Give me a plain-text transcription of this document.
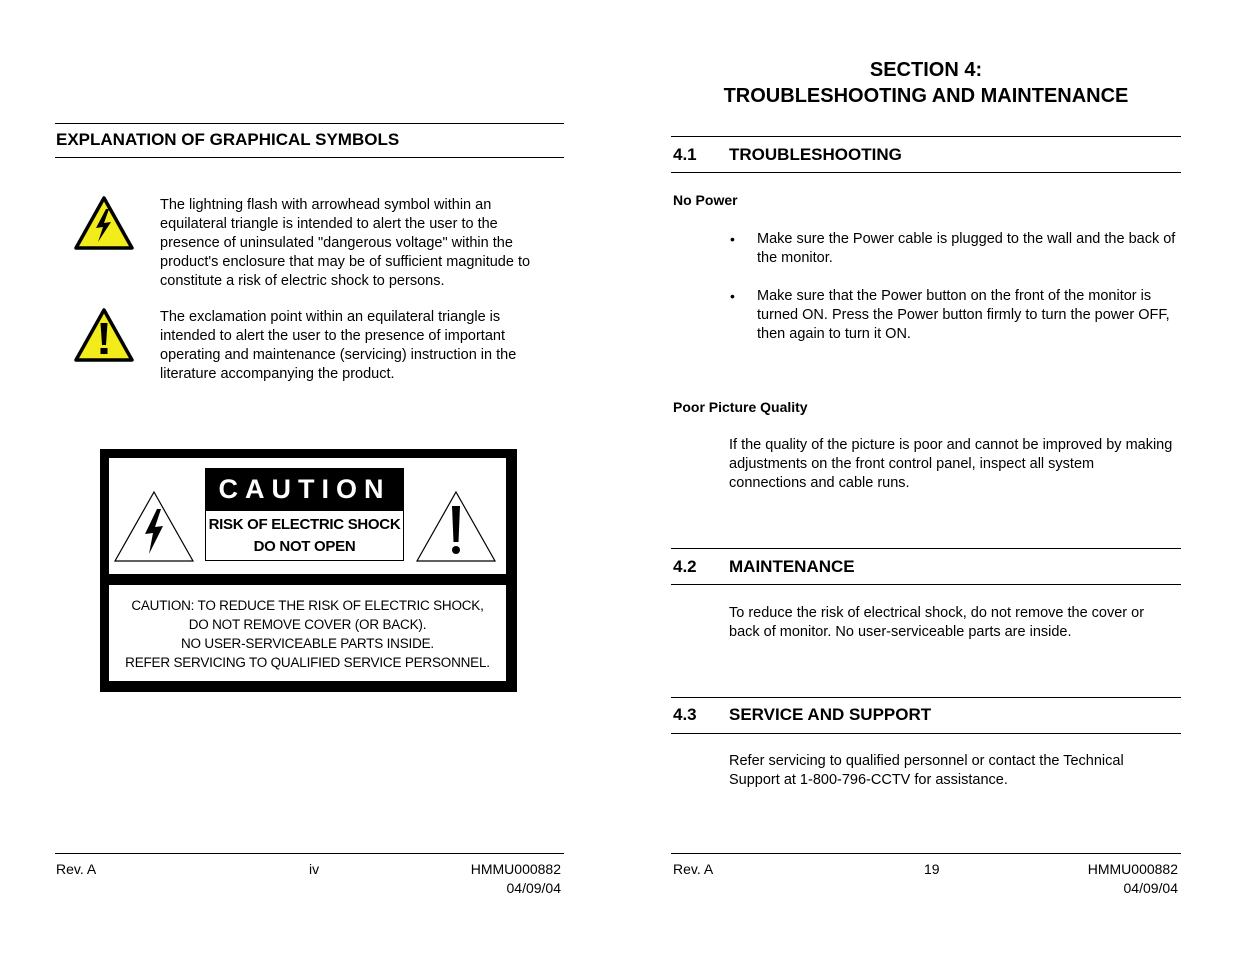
EXPLANATION OF GRAPHICAL SYMBOLS
The lightning flash with arrowhead symbol within an equilateral triangle is intended to alert the user to the presence of uninsulated "dangerous voltage" within the product's enclosure that may be of sufficient magnitude to constitute a risk of electric shock to persons.
The exclamation point within an equilateral triangle is intended to alert the user to the presence of important operating and maintenance (servicing) instruction in the literature accompanying the product.
CAUTION
RISK OF ELECTRIC SHOCK
DO NOT OPEN
CAUTION: TO REDUCE THE RISK OF ELECTRIC SHOCK,
DO NOT REMOVE COVER (OR BACK).
NO USER-SERVICEABLE PARTS INSIDE.
REFER SERVICING TO QUALIFIED SERVICE PERSONNEL.
Rev. A	iv	HMMU000882
04/09/04
SECTION 4:
TROUBLESHOOTING AND MAINTENANCE
4.1 TROUBLESHOOTING
No Power
• Make sure the Power cable is plugged to the wall and the back of the monitor.
• Make sure that the Power button on the front of the monitor is turned ON. Press the Power button firmly to turn the power OFF, then again to turn it ON.
Poor Picture Quality
If the quality of the picture is poor and cannot be improved by making adjustments on the front control panel, inspect all system connections and cable runs.
4.2 MAINTENANCE
To reduce the risk of electrical shock, do not remove the cover or back of monitor. No user-serviceable parts are inside.
4.3 SERVICE AND SUPPORT
Refer servicing to qualified personnel or contact the Technical Support at 1-800-796-CCTV for assistance.
Rev. A	19	HMMU000882
04/09/04
